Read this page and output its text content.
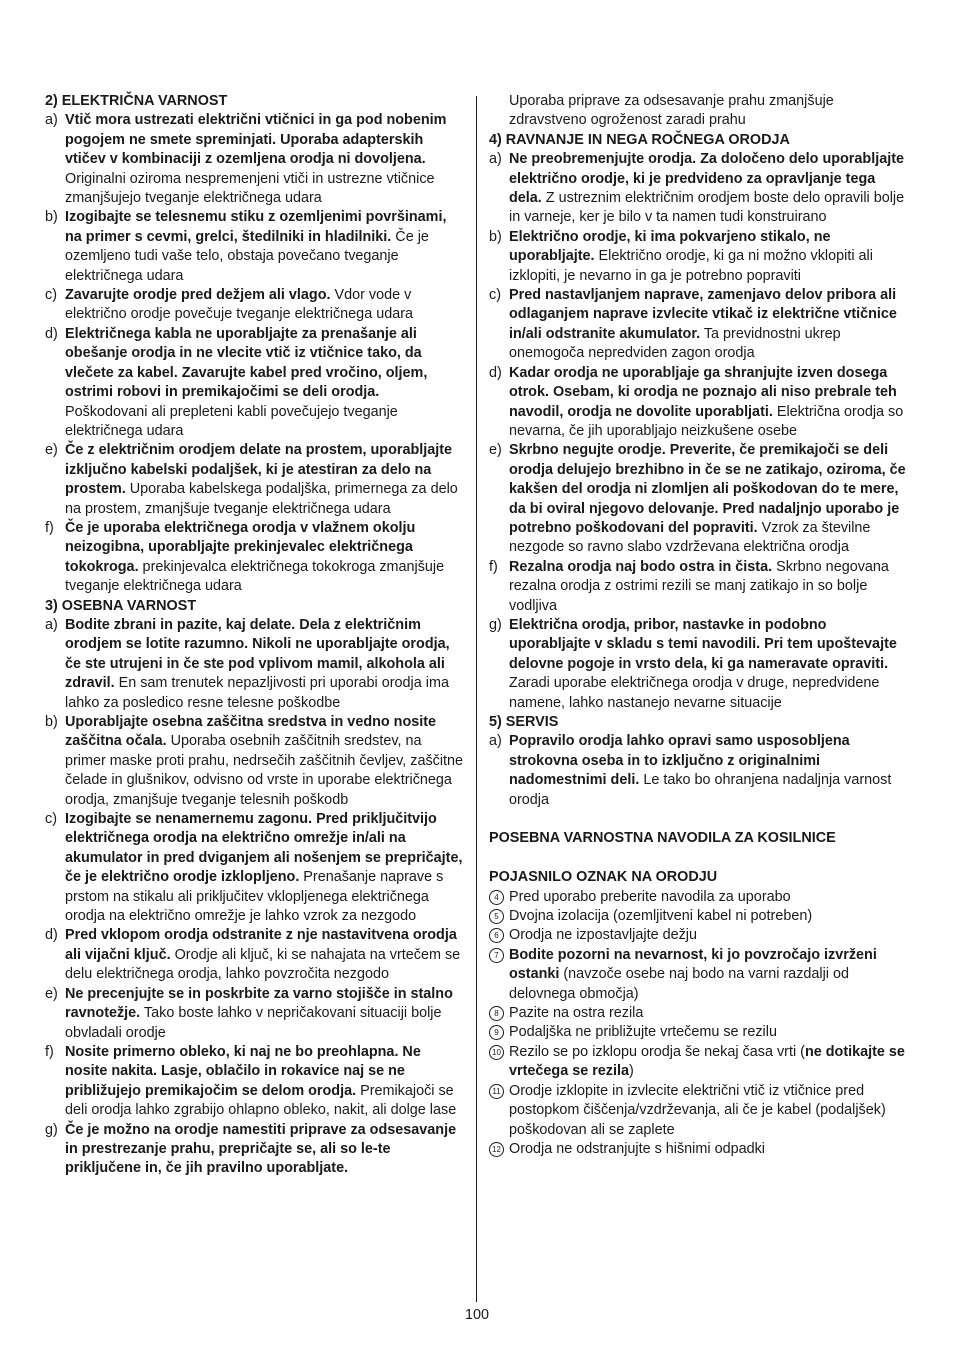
2) ELEKTRIČNA VARNOST
a) Vtič mora ustrezati električni vtičnici in ga pod nobenim pogojem ne smete spreminjati. Uporaba adapterskih vtičev v kombinaciji z ozemljena orodja ni dovoljena. Originalni oziroma nespremenjeni vtiči in ustrezne vtičnice zmanjšujejo tveganje električnega udara
b) Izogibajte se telesnemu stiku z ozemljenimi površinami, na primer s cevmi, grelci, štedilniki in hladilniki. Če je ozemljeno tudi vaše telo, obstaja povečano tveganje električnega udara
c) Zavarujte orodje pred dežjem ali vlago. Vdor vode v električno orodje povečuje tveganje električnega udara
d) Električnega kabla ne uporabljajte za prenašanje ali obešanje orodja in ne vlecite vtič iz vtičnice tako, da vlečete za kabel. Zavarujte kabel pred vročino, oljem, ostrimi robovi in premikajočimi se deli orodja. Poškodovani ali prepleteni kabli povečujejo tveganje električnega udara
e) Če z električnim orodjem delate na prostem, uporabljajte izključno kabelski podaljšek, ki je atestiran za delo na prostem. Uporaba kabelskega podaljška, primernega za delo na prostem, zmanjšuje tveganje električnega udara
f) Če je uporaba električnega orodja v vlažnem okolju neizogibna, uporabljajte prekinjevalec električnega tokokroga. prekinjevalca električnega tokokroga zmanjšuje tveganje električnega udara
3) OSEBNA VARNOST
a) Bodite zbrani in pazite, kaj delate. Dela z električnim orodjem se lotite razumno. Nikoli ne uporabljajte orodja, če ste utrujeni in če ste pod vplivom mamil, alkohola ali zdravil. En sam trenutek nepazljivosti pri uporabi orodja ima lahko za posledico resne telesne poškodbe
b) Uporabljajte osebna zaščitna sredstva in vedno nosite zaščitna očala. Uporaba osebnih zaščitnih sredstev, na primer maske proti prahu, nedrsečih zaščitnih čevljev, zaščitne čelade in glušnikov, odvisno od vrste in uporabe električnega orodja, zmanjšuje tveganje telesnih poškodb
c) Izogibajte se nenamernemu zagonu. Pred priključitvijo električnega orodja na električno omrežje in/ali na akumulator in pred dviganjem ali nošenjem se prepričajte, če je električno orodje izklopljeno. Prenašanje naprave s prstom na stikalu ali priključitev vklopljenega električnega orodja na električno omrežje je lahko vzrok za nezgodo
d) Pred vklopom orodja odstranite z nje nastavitvena orodja ali vijačni ključ. Orodje ali ključ, ki se nahajata na vrtečem se delu električnega orodja, lahko povzročita nezgodo
e) Ne precenjujte se in poskrbite za varno stojišče in stalno ravnotežje. Tako boste lahko v nepričakovani situaciji bolje obvladali orodje
f) Nosite primerno obleko, ki naj ne bo preohlapna. Ne nosite nakita. Lasje, oblačilo in rokavice naj se ne približujejo premikajočim se delom orodja. Premikajoči se deli orodja lahko zgrabijo ohlapno obleko, nakit, ali dolge lase
g) Če je možno na orodje namestiti priprave za odsesavanje in prestrezanje prahu, prepričajte se, ali so le-te priključene in, če jih pravilno uporabljate.
Uporaba priprave za odsesavanje prahu zmanjšuje zdravstveno ogroženost zaradi prahu
4) RAVNANJE IN NEGA ROČNEGA ORODJA
a) Ne preobremenjujte orodja. Za določeno delo uporabljajte električno orodje, ki je predvideno za opravljanje tega dela. Z ustreznim električnim orodjem boste delo opravili bolje in varneje, ker je bilo v ta namen tudi konstruirano
b) Električno orodje, ki ima pokvarjeno stikalo, ne uporabljajte. Električno orodje, ki ga ni možno vklopiti ali izklopiti, je nevarno in ga je potrebno popraviti
c) Pred nastavljanjem naprave, zamenjavo delov pribora ali odlaganjem naprave izvlecite vtikač iz električne vtičnice in/ali odstranite akumulator. Ta previdnostni ukrep onemogoča nepredviden zagon orodja
d) Kadar orodja ne uporabljaje ga shranjujte izven dosega otrok. Osebam, ki orodja ne poznajo ali niso prebrale teh navodil, orodja ne dovolite uporabljati. Električna orodja so nevarna, če jih uporabljajo neizkušene osebe
e) Skrbno negujte orodje. Preverite, če premikajoči se deli orodja delujejo brezhibno in če se ne zatikajo, oziroma, če kakšen del orodja ni zlomljen ali poškodovan do te mere, da bi oviral njegovo delovanje. Pred nadaljnjo uporabo je potrebno poškodovani del popraviti. Vzrok za številne nezgode so ravno slabo vzdrževana električna orodja
f) Rezalna orodja naj bodo ostra in čista. Skrbno negovana rezalna orodja z ostrimi rezili se manj zatikajo in so bolje vodljiva
g) Električna orodja, pribor, nastavke in podobno uporabljajte v skladu s temi navodili. Pri tem upoštevajte delovne pogoje in vrsto dela, ki ga nameravate opraviti. Zaradi uporabe električnega orodja v druge, nepredvidene namene, lahko nastanejo nevarne situacije
5) SERVIS
a) Popravilo orodja lahko opravi samo usposobljena strokovna oseba in to izključno z originalnimi nadomestnimi deli. Le tako bo ohranjena nadaljnja varnost orodja
POSEBNA VARNOSTNA NAVODILA ZA KOSILNICE
POJASNILO OZNAK NA ORODJU
4 Pred uporabo preberite navodila za uporabo
5 Dvojna izolacija (ozemljitveni kabel ni potreben)
6 Orodja ne izpostavljajte dežju
7 Bodite pozorni na nevarnost, ki jo povzročajo izvrženi ostanki (navzoče osebe naj bodo na varni razdalji od delovnega območja)
8 Pazite na ostra rezila
9 Podaljška ne približujte vrtečemu se rezilu
10 Rezilo se po izklopu orodja še nekaj časa vrti (ne dotikajte se vrtečega se rezila)
11 Orodje izklopite in izvlecite električni vtič iz vtičnice pred postopkom čiščenja/vzdrževanja, ali če je kabel (podaljšek) poškodovan ali se zaplete
12 Orodja ne odstranjujte s hišnimi odpadki
100
